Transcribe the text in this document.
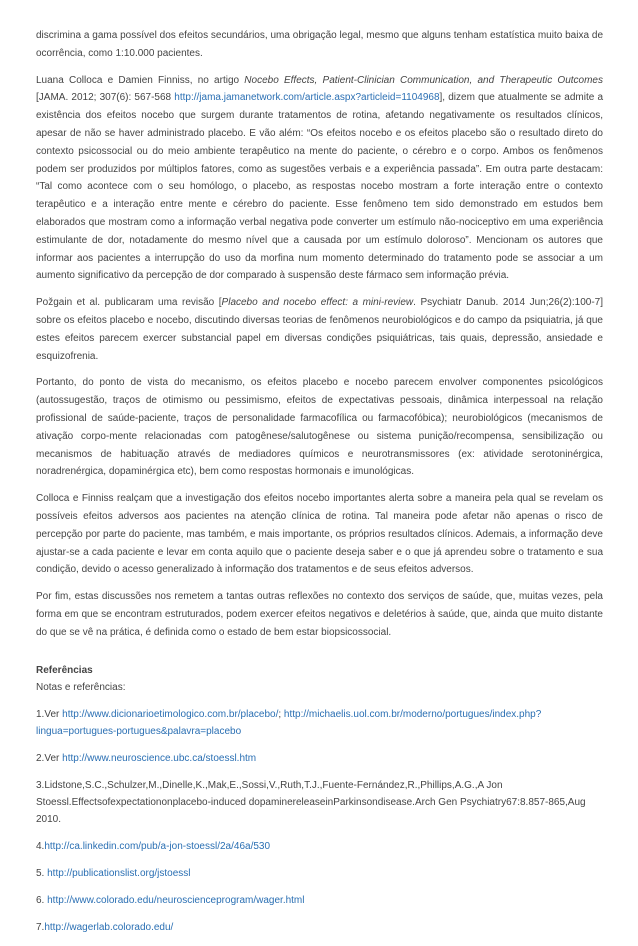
discrimina a gama possível dos efeitos secundários, uma obrigação legal, mesmo que alguns tenham estatística muito baixa de ocorrência, como 1:10.000 pacientes.

Luana Colloca e Damien Finniss, no artigo Nocebo Effects, Patient-Clinician Communication, and Therapeutic Outcomes [JAMA. 2012; 307(6): 567-568 http://jama.jamanetwork.com/article.aspx?articleid=1104968], dizem que atualmente se admite a existência dos efeitos nocebo que surgem durante tratamentos de rotina, afetando negativamente os resultados clínicos, apesar de não se haver administrado placebo. E vão além: “Os efeitos nocebo e os efeitos placebo são o resultado direto do contexto psicossocial ou do meio ambiente terapêutico na mente do paciente, o cérebro e o corpo. Ambos os fenômenos podem ser produzidos por múltiplos fatores, como as sugestões verbais e a experiência passada”. Em outra parte destacam: “Tal como acontece com o seu homólogo, o placebo, as respostas nocebo mostram a forte interação entre o contexto terapêutico e a interação entre mente e cérebro do paciente. Esse fenômeno tem sido demonstrado em estudos bem elaborados que mostram como a informação verbal negativa pode converter um estímulo não-nociceptivo em uma experiência estimulante de dor, notadamente do mesmo nível que a causada por um estímulo doloroso”. Mencionam os autores que informar aos pacientes a interrupção do uso da morfina num momento determinado do tratamento pode se associar a um aumento significativo da percepção de dor comparado à suspensão deste fármaco sem informação prévia.

Požgain et al. publicaram uma revisão [Placebo and nocebo effect: a mini-review. Psychiatr Danub. 2014 Jun;26(2):100-7] sobre os efeitos placebo e nocebo, discutindo diversas teorias de fenômenos neurobiológicos e do campo da psiquiatria, já que estes efeitos parecem exercer substancial papel em diversas condições psiquiátricas, tais quais, depressão, ansiedade e esquizofrenia.

Portanto, do ponto de vista do mecanismo, os efeitos placebo e nocebo parecem envolver componentes psicológicos (autossugestão, traços de otimismo ou pessimismo, efeitos de expectativas pessoais, dinâmica interpessoal na relação profissional de saúde-paciente, traços de personalidade farmacofílica ou farmacofóbica); neurobiológicos (mecanismos de ativação corpo-mente relacionadas com patogênese/salutogênese ou sistema punição/recompensa, sensibilização ou mecanismos de habituação através de mediadores químicos e neurotransmissores (ex: atividade serotoninérgica, noradrenérgica, dopaminérgica etc), bem como respostas hormonais e imunológicas.

Colloca e Finniss realçam que a investigação dos efeitos nocebo importantes alerta sobre a maneira pela qual se revelam os possíveis efeitos adversos aos pacientes na atenção clínica de rotina. Tal maneira pode afetar não apenas o risco de percepção por parte do paciente, mas também, e mais importante, os próprios resultados clínicos. Ademais, a informação deve ajustar-se a cada paciente e levar em conta aquilo que o paciente deseja saber e o que já aprendeu sobre o tratamento e sua condição, devido o acesso generalizado à informação dos tratamentos e de seus efeitos adversos.

Por fim, estas discussões nos remetem a tantas outras reflexões no contexto dos serviços de saúde, que, muitas vezes, pela forma em que se encontram estruturados, podem exercer efeitos negativos e deletérios à saúde, que, ainda que muito distante do que se vê na prática, é definida como o estado de bem estar biopsicossocial.

Referências
Notas e referências:

1.Ver http://www.dicionarioetimologico.com.br/placebo/; http://michaelis.uol.com.br/moderno/portugues/index.php?lingua=portugues-portugues&palavra=placebo

2.Ver http://www.neuroscience.ubc.ca/stoessl.htm

3.Lidstone,S.C.,Schulzer,M.,Dinelle,K.,Mak,E.,Sossi,V.,Ruth,T.J.,Fuente-Fernández,R.,Phillips,A.G.,A Jon Stoessl.Effectsofexpectationonplacebo-induced dopaminereleaseinParkinsondisease.Arch Gen Psychiatry67:8.857-865,Aug 2010.

4.http://ca.linkedin.com/pub/a-jon-stoessl/2a/46a/530

5. http://publicationslist.org/jstoessl

6. http://www.colorado.edu/neuroscienceprogram/wager.html

7.http://wagerlab.colorado.edu/
